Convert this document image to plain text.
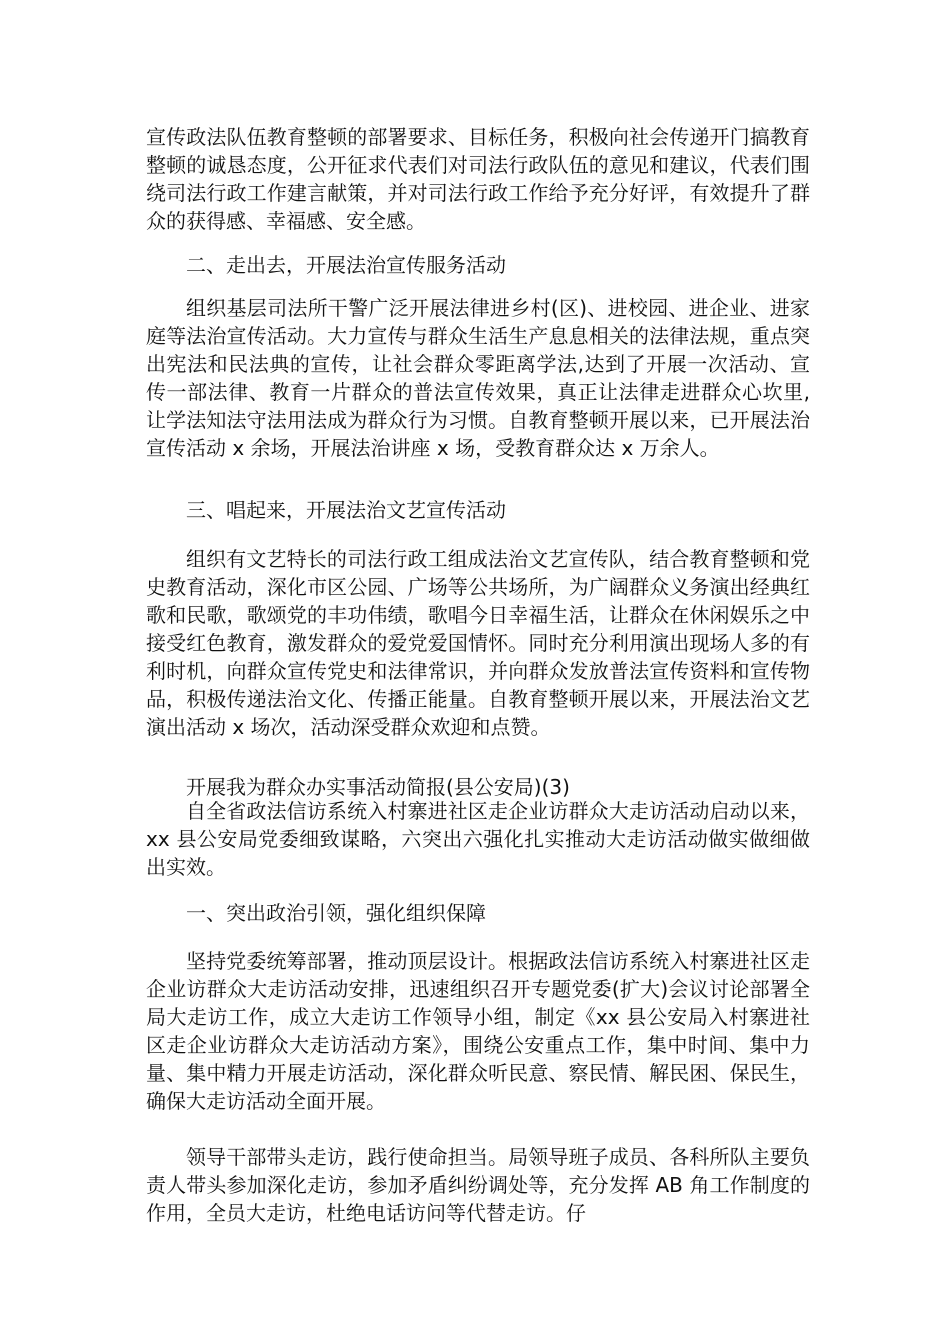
宣传政法队伍教育整顿的部署要求、目标任务，积极向社会传递开门搞教育整顿的诚恳态度，公开征求代表们对司法行政队伍的意见和建议，代表们围绕司法行政工作建言献策，并对司法行政工作给予充分好评，有效提升了群众的获得感、幸福感、安全感。

二、走出去，开展法治宣传服务活动

组织基层司法所干警广泛开展法律进乡村(区)、进校园、进企业、进家庭等法治宣传活动。大力宣传与群众生活生产息息相关的法律法规，重点突出宪法和民法典的宣传，让社会群众零距离学法,达到了开展一次活动、宣传一部法律、教育一片群众的普法宣传效果，真正让法律走进群众心坎里,让学法知法守法用法成为群众行为习惯。自教育整顿开展以来，已开展法治宣传活动 x 余场，开展法治讲座 x 场，受教育群众达 x 万余人。

三、唱起来，开展法治文艺宣传活动

组织有文艺特长的司法行政工组成法治文艺宣传队，结合教育整顿和党史教育活动，深化市区公园、广场等公共场所，为广阔群众义务演出经典红歌和民歌，歌颂党的丰功伟绩，歌唱今日幸福生活，让群众在休闲娱乐之中接受红色教育，激发群众的爱党爱国情怀。同时充分利用演出现场人多的有利时机，向群众宣传党史和法律常识，并向群众发放普法宣传资料和宣传物品，积极传递法治文化、传播正能量。自教育整顿开展以来，开展法治文艺演出活动 x 场次，活动深受群众欢迎和点赞。

开展我为群众办实事活动简报(县公安局)(3)

自全省政法信访系统入村寨进社区走企业访群众大走访活动启动以来，xx 县公安局党委细致谋略，六突出六强化扎实推动大走访活动做实做细做出实效。

一、突出政治引领，强化组织保障

坚持党委统筹部署，推动顶层设计。根据政法信访系统入村寨进社区走企业访群众大走访活动安排，迅速组织召开专题党委(扩大)会议讨论部署全局大走访工作，成立大走访工作领导小组，制定《xx 县公安局入村寨进社区走企业访群众大走访活动方案》，围绕公安重点工作，集中时间、集中力量、集中精力开展走访活动，深化群众听民意、察民情、解民困、保民生，确保大走访活动全面开展。

领导干部带头走访，践行使命担当。局领导班子成员、各科所队主要负责人带头参加深化走访，参加矛盾纠纷调处等，充分发挥 AB 角工作制度的作用，全员大走访，杜绝电话访问等代替走访。仔
